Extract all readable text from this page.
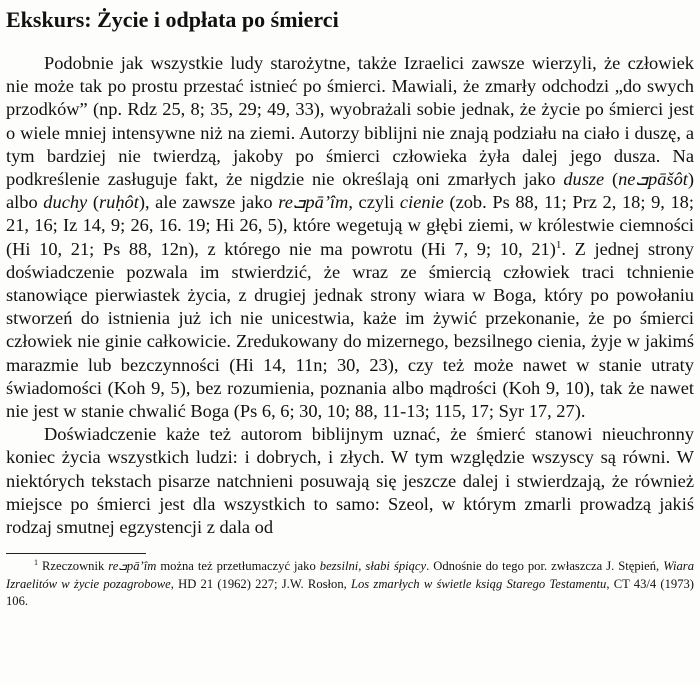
Ekskurs: Życie i odpłata po śmierci

Podobnie jak wszystkie ludy starożytne, także Izraelici zawsze wierzyli, że człowiek nie może tak po prostu przestać istnieć po śmierci. Mawiali, że zmarły odchodzi „do swych przodków” (np. Rdz 25, 8; 35, 29; 49, 33), wyobrażali sobie jednak, że życie po śmierci jest o wiele mniej intensywne niż na ziemi. Autorzy biblijni nie znają podziału na ciało i duszę, a tym bardziej nie twierdzą, jakoby po śmierci człowieka żyła dalej jego dusza. Na podkreślenie zasługuje fakt, że nigdzie nie określają oni zmarłych jako dusze (neܒpāšôt) albo duchy (ruḥôt), ale zawsze jako reܒpā’îm, czyli cienie (zob. Ps 88, 11; Prz 2, 18; 9, 18; 21, 16; Iz 14, 9; 26, 16. 19; Hi 26, 5), które wegetują w głębi ziemi, w królestwie ciemności (Hi 10, 21; Ps 88, 12n), z którego nie ma powrotu (Hi 7, 9; 10, 21)$^1$. Z jednej strony doświadczenie pozwala im stwierdzić, że wraz ze śmiercią człowiek traci tchnienie stanowiące pierwiastek życia, z drugiej jednak strony wiara w Boga, który po powołaniu stworzeń do istnienia już ich nie unicestwia, każe im żywić przekonanie, że po śmierci człowiek nie ginie całkowicie. Zredukowany do mizernego, bezsilnego cienia, żyje w jakimś marazmie lub bezczynności (Hi 14, 11n; 30, 23), czy też może nawet w stanie utraty świadomości (Koh 9, 5), bez rozumienia, poznania albo mądrości (Koh 9, 10), tak że nawet nie jest w stanie chwalić Boga (Ps 6, 6; 30, 10; 88, 11-13; 115, 17; Syr 17, 27).

Doświadczenie każe też autorom biblijnym uznać, że śmierć stanowi nieuchronny koniec życia wszystkich ludzi: i dobrych, i złych. W tym względzie wszyscy są równi. W niektórych tekstach pisarze natchnieni posuwają się jeszcze dalej i stwierdzają, że również miejsce po śmierci jest dla wszystkich to samo: Szeol, w którym zmarli prowadzą jakiś rodzaj smutnej egzystencji z dala od

$^1$ Rzeczownik reܒpā’îm można też przetłumaczyć jako bezsilni, słabi śpiący. Odnośnie do tego por. zwłaszcza J. Stępień, Wiara Izraelitów w życie pozagrobowe, HD 21 (1962) 227; J.W. Rosłon, Los zmarłych w świetle ksiąg Starego Testamentu, CT 43/4 (1973) 106.
